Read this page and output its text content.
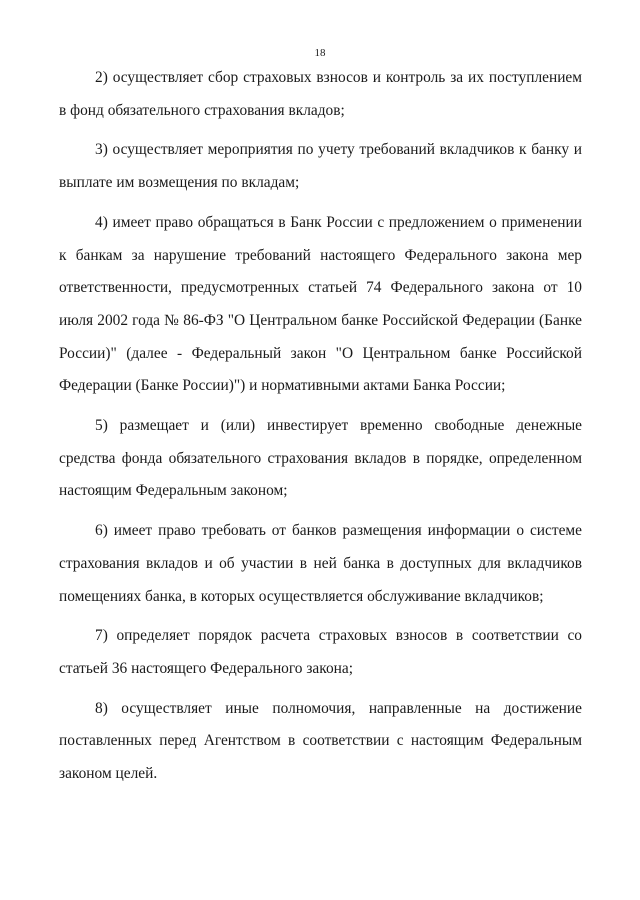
18

2) осуществляет сбор страховых взносов и контроль за их поступлением в фонд обязательного страхования вкладов;

3) осуществляет мероприятия по учету требований вкладчиков к банку и выплате им возмещения по вкладам;

4) имеет право обращаться в Банк России с предложением о применении к банкам за нарушение требований настоящего Федерального закона мер ответственности, предусмотренных статьей 74 Федерального закона от 10 июля 2002 года № 86-ФЗ "О Центральном банке Российской Федерации (Банке России)" (далее - Федеральный закон "О Центральном банке Российской Федерации (Банке России)") и нормативными актами Банка России;

5) размещает и (или) инвестирует временно свободные денежные средства фонда обязательного страхования вкладов в порядке, определенном настоящим Федеральным законом;

6) имеет право требовать от банков размещения информации о системе страхования вкладов и об участии в ней банка в доступных для вкладчиков помещениях банка, в которых осуществляется обслуживание вкладчиков;

7) определяет порядок расчета страховых взносов в соответствии со статьей 36 настоящего Федерального закона;

8) осуществляет иные полномочия, направленные на достижение поставленных перед Агентством в соответствии с настоящим Федеральным законом целей.
